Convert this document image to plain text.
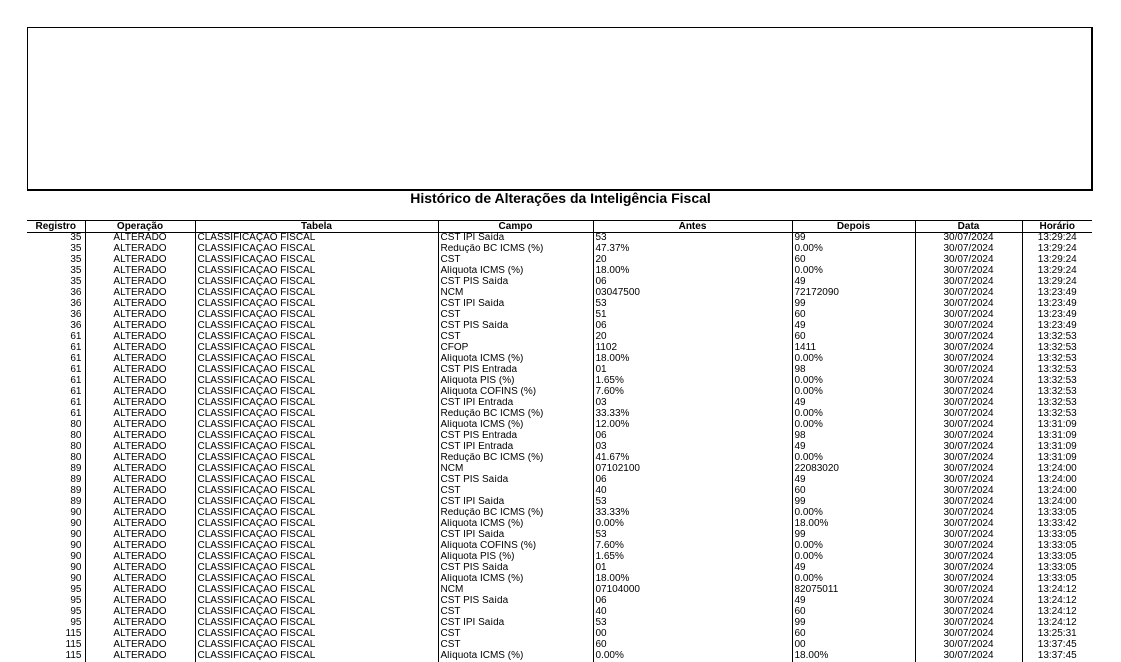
Histórico de Alterações da Inteligência Fiscal
Registro	Operação	Tabela	Campo	Antes	Depois	Data	Horário
35	ALTERADO	CLASSIFICAÇÃO FISCAL	CST IPI Saída	53	99	30/07/2024	13:29:24
35	ALTERADO	CLASSIFICAÇÃO FISCAL	Redução BC ICMS (%)	47.37%	0.00%	30/07/2024	13:29:24
35	ALTERADO	CLASSIFICAÇÃO FISCAL	CST	20	60	30/07/2024	13:29:24
35	ALTERADO	CLASSIFICAÇÃO FISCAL	Alíquota ICMS (%)	18.00%	0.00%	30/07/2024	13:29:24
35	ALTERADO	CLASSIFICAÇÃO FISCAL	CST PIS Saída	06	49	30/07/2024	13:29:24
36	ALTERADO	CLASSIFICAÇÃO FISCAL	NCM	03047500	72172090	30/07/2024	13:23:49
36	ALTERADO	CLASSIFICAÇÃO FISCAL	CST IPI Saída	53	99	30/07/2024	13:23:49
36	ALTERADO	CLASSIFICAÇÃO FISCAL	CST	51	60	30/07/2024	13:23:49
36	ALTERADO	CLASSIFICAÇÃO FISCAL	CST PIS Saída	06	49	30/07/2024	13:23:49
61	ALTERADO	CLASSIFICAÇÃO FISCAL	CST	20	60	30/07/2024	13:32:53
61	ALTERADO	CLASSIFICAÇÃO FISCAL	CFOP	1102	1411	30/07/2024	13:32:53
61	ALTERADO	CLASSIFICAÇÃO FISCAL	Alíquota ICMS (%)	18.00%	0.00%	30/07/2024	13:32:53
61	ALTERADO	CLASSIFICAÇÃO FISCAL	CST PIS Entrada	01	98	30/07/2024	13:32:53
61	ALTERADO	CLASSIFICAÇÃO FISCAL	Alíquota PIS (%)	1.65%	0.00%	30/07/2024	13:32:53
61	ALTERADO	CLASSIFICAÇÃO FISCAL	Alíquota COFINS (%)	7.60%	0.00%	30/07/2024	13:32:53
61	ALTERADO	CLASSIFICAÇÃO FISCAL	CST IPI Entrada	03	49	30/07/2024	13:32:53
61	ALTERADO	CLASSIFICAÇÃO FISCAL	Redução BC ICMS (%)	33.33%	0.00%	30/07/2024	13:32:53
80	ALTERADO	CLASSIFICAÇÃO FISCAL	Alíquota ICMS (%)	12.00%	0.00%	30/07/2024	13:31:09
80	ALTERADO	CLASSIFICAÇÃO FISCAL	CST PIS Entrada	06	98	30/07/2024	13:31:09
80	ALTERADO	CLASSIFICAÇÃO FISCAL	CST IPI Entrada	03	49	30/07/2024	13:31:09
80	ALTERADO	CLASSIFICAÇÃO FISCAL	Redução BC ICMS (%)	41.67%	0.00%	30/07/2024	13:31:09
89	ALTERADO	CLASSIFICAÇÃO FISCAL	NCM	07102100	22083020	30/07/2024	13:24:00
89	ALTERADO	CLASSIFICAÇÃO FISCAL	CST PIS Saída	06	49	30/07/2024	13:24:00
89	ALTERADO	CLASSIFICAÇÃO FISCAL	CST	40	60	30/07/2024	13:24:00
89	ALTERADO	CLASSIFICAÇÃO FISCAL	CST IPI Saída	53	99	30/07/2024	13:24:00
90	ALTERADO	CLASSIFICAÇÃO FISCAL	Redução BC ICMS (%)	33.33%	0.00%	30/07/2024	13:33:05
90	ALTERADO	CLASSIFICAÇÃO FISCAL	Alíquota ICMS (%)	0.00%	18.00%	30/07/2024	13:33:42
90	ALTERADO	CLASSIFICAÇÃO FISCAL	CST IPI Saída	53	99	30/07/2024	13:33:05
90	ALTERADO	CLASSIFICAÇÃO FISCAL	Alíquota COFINS (%)	7.60%	0.00%	30/07/2024	13:33:05
90	ALTERADO	CLASSIFICAÇÃO FISCAL	Alíquota PIS (%)	1.65%	0.00%	30/07/2024	13:33:05
90	ALTERADO	CLASSIFICAÇÃO FISCAL	CST PIS Saída	01	49	30/07/2024	13:33:05
90	ALTERADO	CLASSIFICAÇÃO FISCAL	Alíquota ICMS (%)	18.00%	0.00%	30/07/2024	13:33:05
95	ALTERADO	CLASSIFICAÇÃO FISCAL	NCM	07104000	82075011	30/07/2024	13:24:12
95	ALTERADO	CLASSIFICAÇÃO FISCAL	CST PIS Saída	06	49	30/07/2024	13:24:12
95	ALTERADO	CLASSIFICAÇÃO FISCAL	CST	40	60	30/07/2024	13:24:12
95	ALTERADO	CLASSIFICAÇÃO FISCAL	CST IPI Saída	53	99	30/07/2024	13:24:12
115	ALTERADO	CLASSIFICAÇÃO FISCAL	CST	00	60	30/07/2024	13:25:31
115	ALTERADO	CLASSIFICAÇÃO FISCAL	CST	60	00	30/07/2024	13:37:45
115	ALTERADO	CLASSIFICAÇÃO FISCAL	Alíquota ICMS (%)	0.00%	18.00%	30/07/2024	13:37:45
